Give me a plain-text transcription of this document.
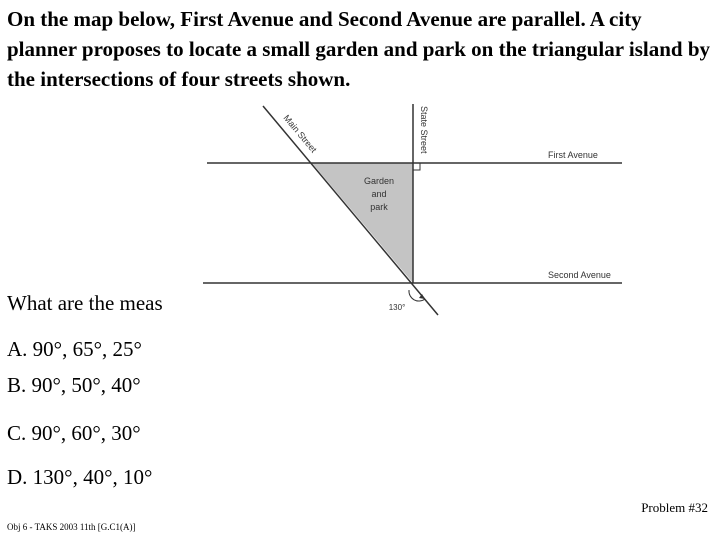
On the map below, First Avenue and Second Avenue are parallel. A city planner proposes to locate a small garden and park on the triangular island by the intersections of four streets shown.

Main Street	State Street
First Avenue
Second Avenue
Garden
and
park
130°

What are the meas

A. 90°, 65°, 25°

B. 90°, 50°, 40°

C. 90°, 60°, 30°

D. 130°, 40°, 10°

Problem #32
Obj 6 - TAKS 2003 11th [G.C1(A)]
